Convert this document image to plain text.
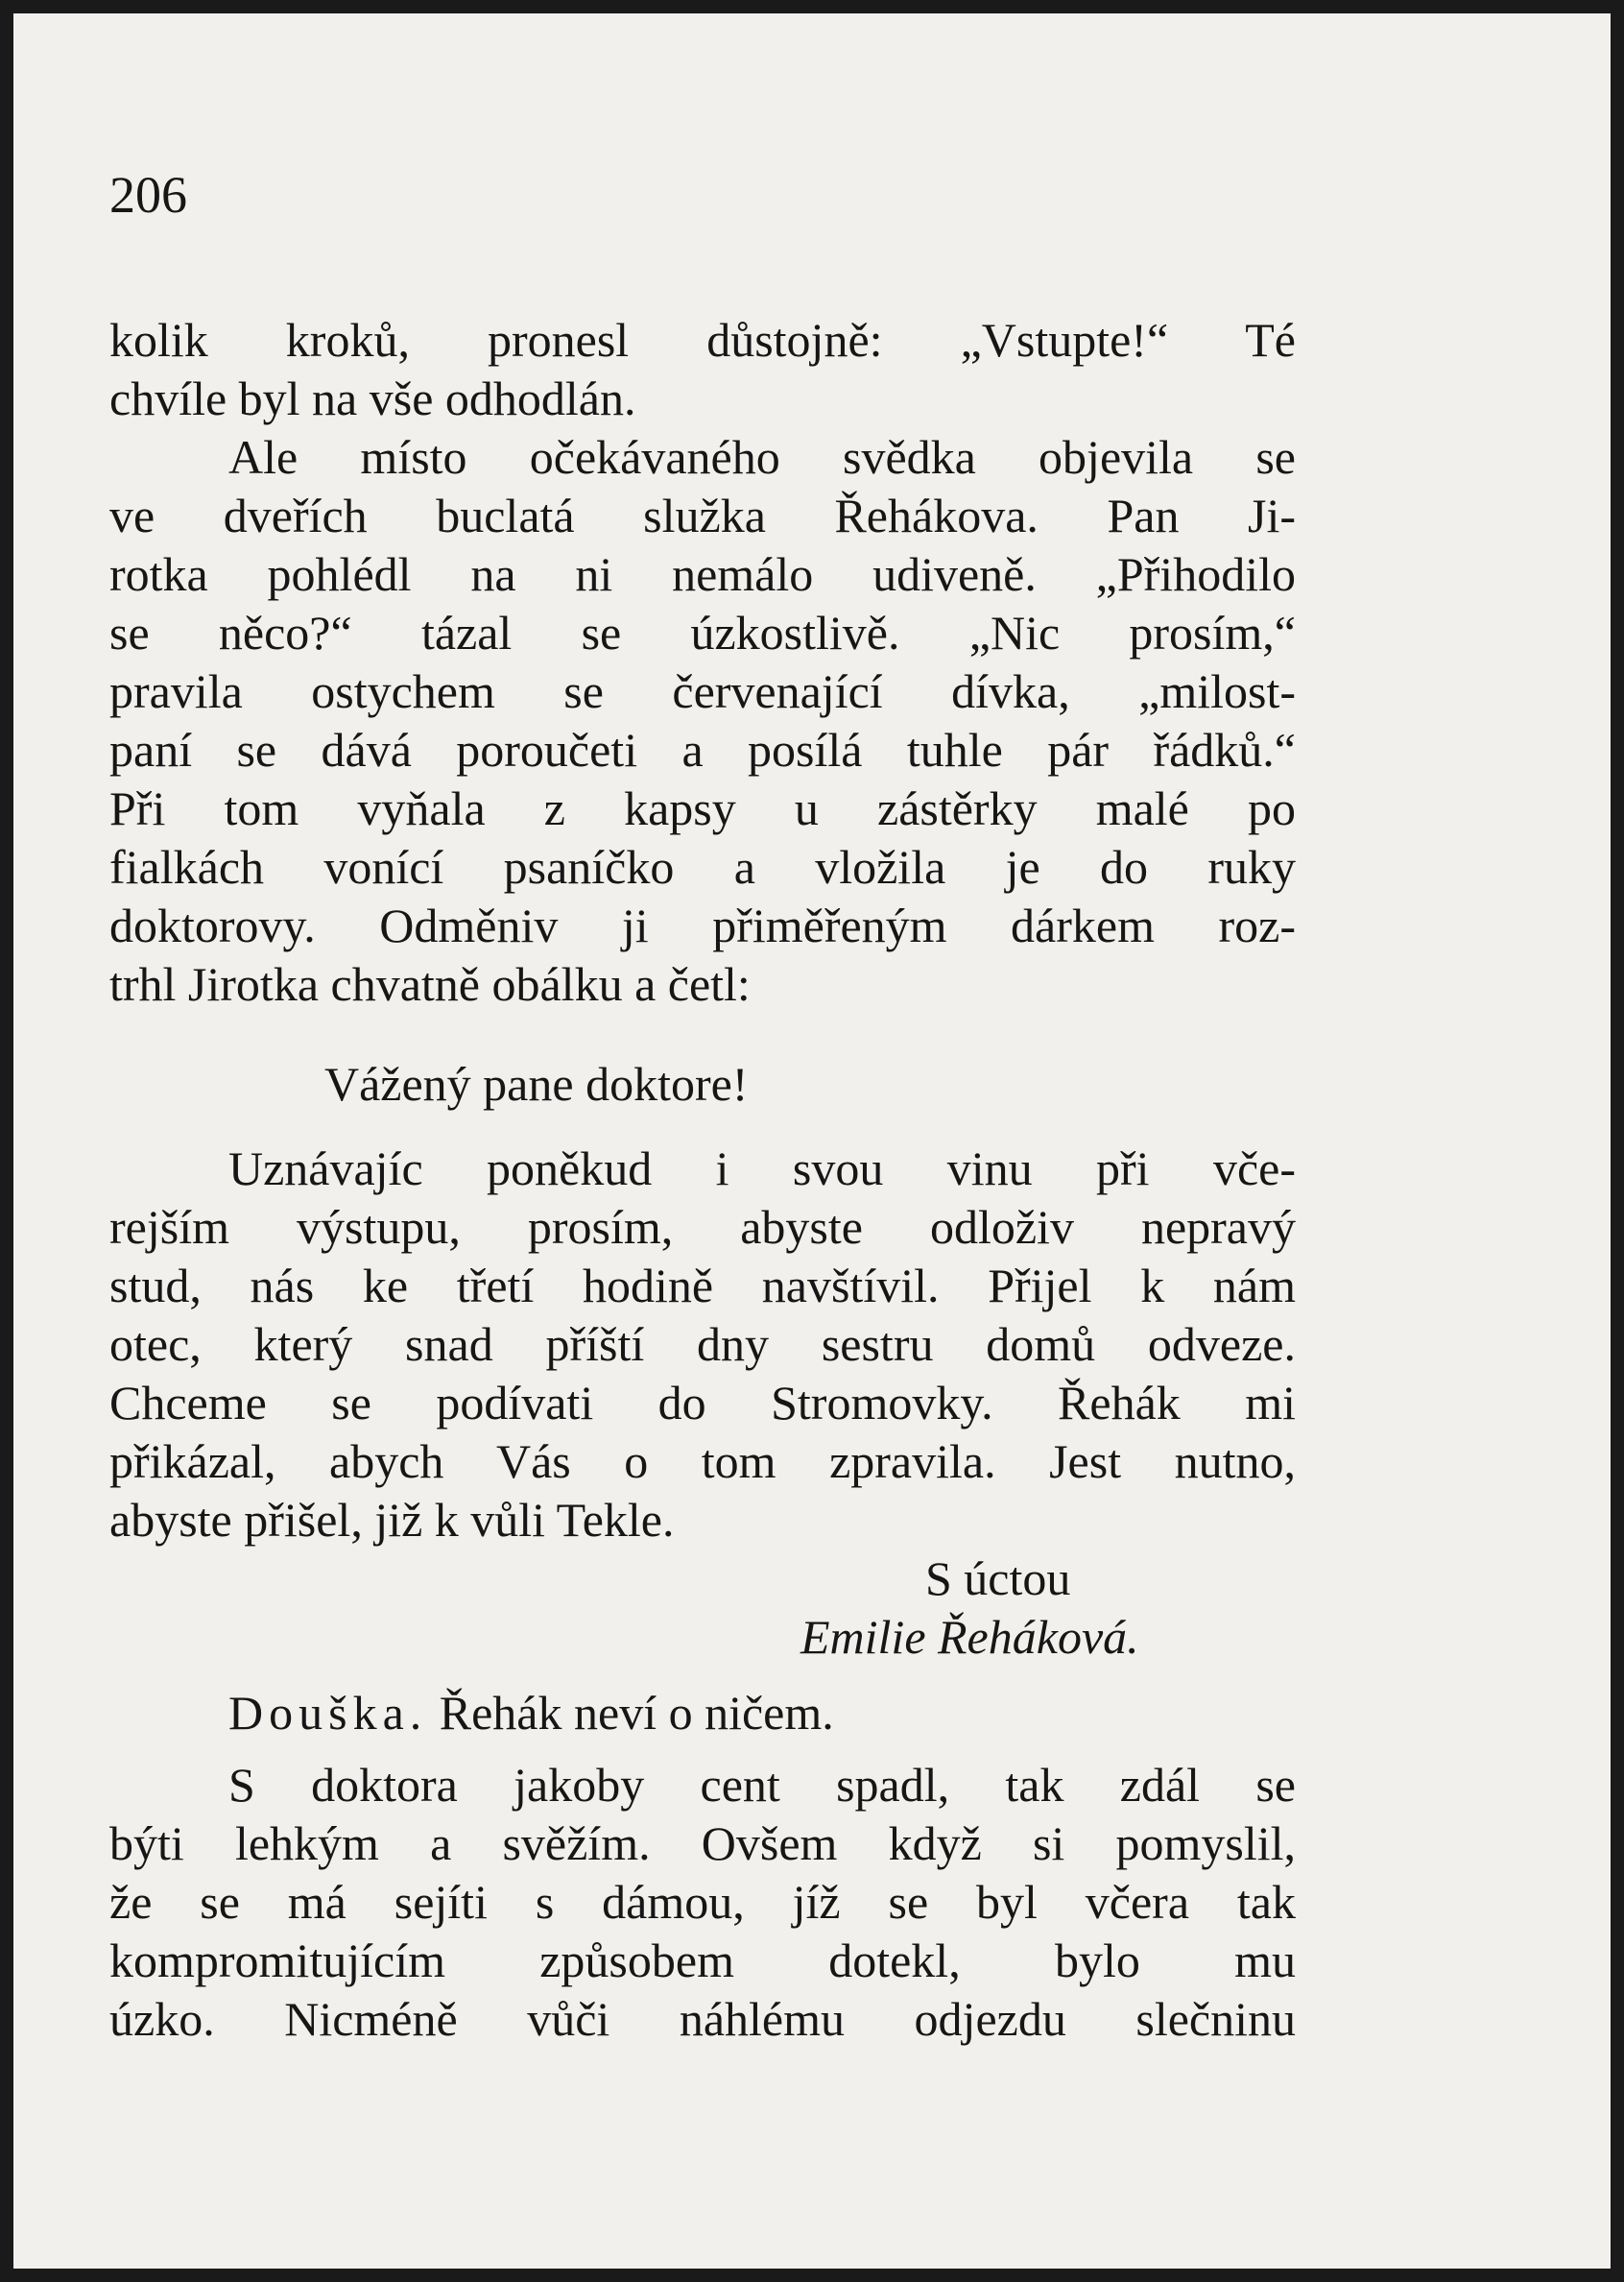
206
kolik kroků, pronesl důstojně: „Vstupte!“ Té
chvíle byl na vše odhodlán.
Ale místo očekávaného svědka objevila se
ve dveřích buclatá služka Řehákova. Pan Ji-
rotka pohlédl na ni nemálo udiveně. „Přihodilo
se něco?“ tázal se úzkostlivě. „Nic prosím,“
pravila ostychem se červenající dívka, „milost-
paní se dává poroučeti a posílá tuhle pár řádků.“
Při tom vyňala z kapsy u zástěrky malé po
fialkách vonící psaníčko a vložila je do ruky
doktorovy. Odměniv ji přiměřeným dárkem roz-
trhl Jirotka chvatně obálku a četl:
Vážený pane doktore!
Uznávajíc poněkud i svou vinu při vče-
rejším výstupu, prosím, abyste odloživ nepravý
stud, nás ke třetí hodině navštívil. Přijel k nám
otec, který snad příští dny sestru domů odveze.
Chceme se podívati do Stromovky. Řehák mi
přikázal, abych Vás o tom zpravila. Jest nutno,
abyste přišel, již k vůli Tekle.
S úctou
Emilie Řeháková.
Douška. Řehák neví o ničem.
S doktora jakoby cent spadl, tak zdál se
býti lehkým a svěžím. Ovšem když si pomyslil,
že se má sejíti s dámou, jíž se byl včera tak
kompromitujícím způsobem dotekl, bylo mu
úzko. Nicméně vůči náhlému odjezdu slečninu
